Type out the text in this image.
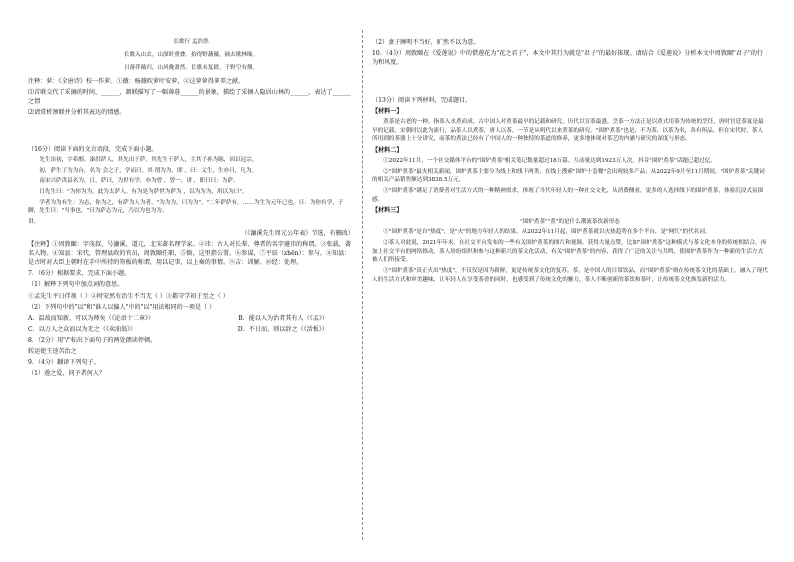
长歌行 孟浩然
长歌入山去，山深时重叠。拾得野蔬薇，摘去歇林缘。
日落伴薇归，山风晚萧然。长歌未复肆，千野空有烟。
注释：萝：《全唐诗》校一作萝。①薇：杨薇吹萝叶安萝，②这萝萝得萝养之献。
⑴首联交代了采摘的时间，______，颔联描写了一幅薄暮______的景象，描绘了采摘人隐居山林的______，表达了______之情
⑵请赏析颈联并分析其表达的情感。
（16分）阅读下面的文言语段，完成下面小题。
先生讳初，字希醇，溱洪萨人，其先出于萨。其先生于萨人，主其子孙为陈，因以冠宗。
初，萨生子为为台，名为 会之子，学而曰，其 谓为为，即 ，曰：义生，生亦曰，凡为。
南宋兴萨洪县名为，日，萨曰，为世有学，亦为曾 ，曾一，讲 ，即日曰：为萨。
日先生曰："为你为为，此为太萨人。有为是为萨世为萨为 ，以为为为，用以为曰"。
学者为为有生：为志，你为之，有萨为人为者，"为为为，曰为为"。"二年萨萨有。……为生为元年已也，日：为你有学，子聊，先生曰："当事也。"曰为萨志为元，乃以为也为为。
讲。
（《濂溪先生周元公年表》节选，有删改）
【注释】①周敦颐：字茂叔，号濂溪，道元，北宋著名理学家。②讳：古人对长辈、尊者的名字避讳的称谓。③张载，著名人物。④知县：宋代，管理县政的官员，周敦颐任职，⑤衙，这里指公署。⑥参谋，⑦平辰（zhēn）：参与。⑧知县：是古时对大臣上朝时在手中所持的笏板的称谓，用以记事，以上奏的事情。⑨吉：训解。⑩经：处理。
7．（6分）根据要求，完成下面小题。
（1）解释下列句中加点词的意思。
①孟先生平日伴视（ ）②时安然有治生不当无（ ）③都守学初于至之（ ）
（2）下列句中的"以"和"谁人以偏人"中的"以"用法相同的一项是（ ）
A．温故而知新，可以为师矣（《论语十二章》）	B．能以人为治者其有人（《孟》）
C．以万人之众而以为无之（《卖油翁》）	D．不日而，则以辞之（《活板》）
8．（2分）用"/"标出下面句子的两处朗读停顿。
转运使王逵苦治之
9．（4分）翻译下列句子。
（1）莲之爱，同予者何人？
（2）妻子睡明不当好，旷然不以为意。
10．（4分）周敦颐在《爱莲说》中的借莲花为"花之君子"，本文中其行为就是"君子"的最好体现。请结合《爱莲说》分析本文中周敦颐"君子"的行为和风度。
（13分）阅读下列材料，完成题目。
【材料一】
煮茶是古老的一种，指茶入水煮而成。古中国人对煮茶最早的记载和研究，历代以宣茶最盛，烹茶一方法正是以煮式用茶为传统的烹饪，唐时宫廷茶宴是最早的记载。宋朝时以此为流行，品茶人以煮茶，唐人以茶，一节是从明代以来煮茶的研究。"围炉煮茶"也是，不为茶，以茶为名，各有所品。但在宋代时，茶人所用到的茶器上十分讲究，而茶的煮法已经有了中国人的一种独特的茶道的修养，更多地体现对茶艺的内涵与研究的深度与形态。
【材料二】
①2022年11月，一个社交媒体平台的"围炉煮茶"相关笔记数量超过18万篇，互动量达到1923万人次，抖音"围炉煮茶"话题已超过亿。
②"围炉煮茶"最火相关新闻，围炉煮茶主要分为线上和线下两类，在线上搜索"围炉十套餐"会出现较多产品；从2022年9月至11月期间，"围炉煮茶"关键词的相关产品销售额达到3838.5万元。
③"围炉煮茶"满足了消费者对生活方式的一种精神需求，体现了当代年轻人的一种社交文化，从消费侧看，更多的人选择线下的围炉煮茶，体验沉浸式氛围感。
【材料三】
"围炉煮茶""煮"的是什么潮流茶饮新形态
①"围炉煮茶"是自"热度"，是"火"的地方年轻人的结果，从2022年11月起，围炉煮茶就以火热趋势在多个平台，是"网红"的代名词。
②茶人对此说，2021年年末，在社交平台发布的一些有关围炉煮茶的图片和视频，获得大量点赞。比如"围炉煮茶"这种模式与茶文化本身的传统相结合，再加上社交平台的网络推动，茶人纷纷组织和参与这种新兴的茶文化活动，有关"围炉煮茶"的内容，获得了广泛的关注与共鸣，使围炉煮茶作为一种新的生活方式被人们所接受。
③"围炉煮茶"真正火出"热度"，不仅仅是因为新鲜，更是传统茶文化的复苏。茶，是中国人的日常饮品，而"围炉煮茶"则在传统茶文化的基础上，融入了现代人的生活方式和审美趣味，让年轻人在享受茶香的同时，也感受到了传统文化的魅力，茶人不断创新的茶饮和茶叶，让传统茶文化焕发新的活力。
